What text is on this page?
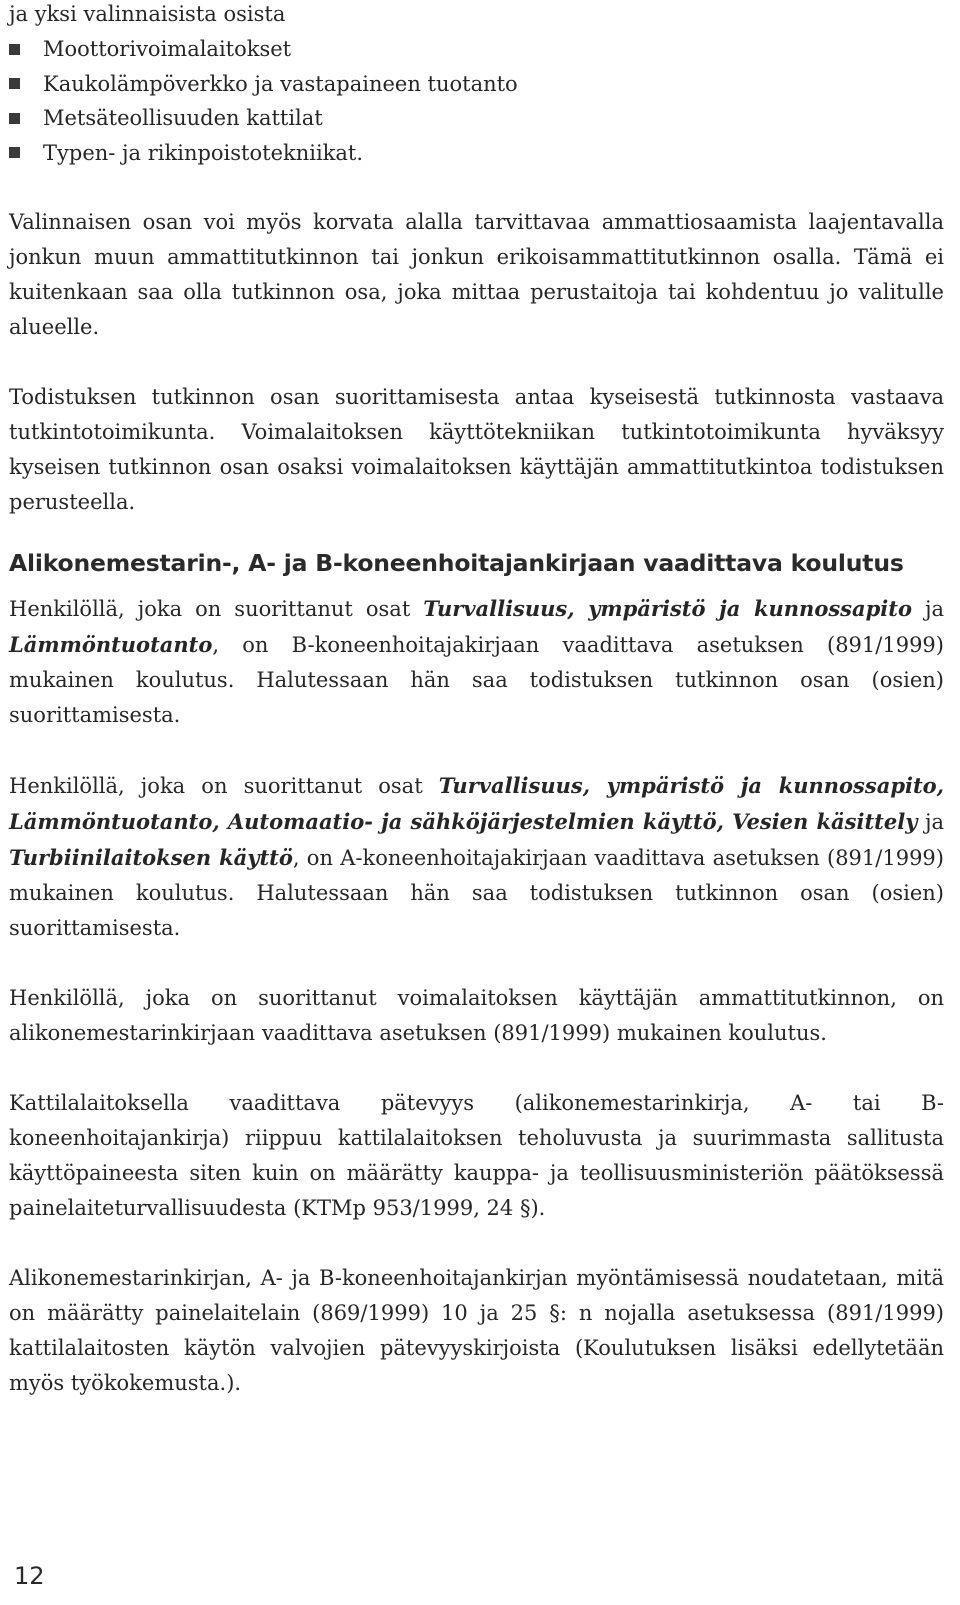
ja yksi valinnaisista osista

Moottorivoimalaitokset
Kaukolämpöverkko ja vastapaineen tuotanto
Metsäteollisuuden kattilat
Typen- ja rikinpoistotekniikat.

Valinnaisen osan voi myös korvata alalla tarvittavaa ammattiosaamista laajentavalla jonkun muun ammattitutkinnon tai jonkun erikoisammattitutkinnon osalla. Tämä ei kuitenkaan saa olla tutkinnon osa, joka mittaa perustaitoja tai kohdentuu jo valitulle alueelle.

Todistuksen tutkinnon osan suorittamisesta antaa kyseisestä tutkinnosta vastaava tutkintotoimikunta. Voimalaitoksen käyttötekniikan tutkintotoimikunta hyväksyy kyseisen tutkinnon osan osaksi voimalaitoksen käyttäjän ammattitutkintoa todistuksen perusteella.

Alikonemestarin-, A- ja B-koneenhoitajankirjaan vaadittava koulutus

Henkilöllä, joka on suorittanut osat Turvallisuus, ympäristö ja kunnossapito ja Lämmöntuotanto, on B-koneenhoitajakirjaan vaadittava asetuksen (891/1999) mukainen koulutus. Halutessaan hän saa todistuksen tutkinnon osan (osien) suorittamisesta.

Henkilöllä, joka on suorittanut osat Turvallisuus, ympäristö ja kunnossapito, Lämmöntuotanto, Automaatio- ja sähköjärjestelmien käyttö, Vesien käsittely ja Turbiinilaitoksen käyttö, on A-koneenhoitajakirjaan vaadittava asetuksen (891/1999) mukainen koulutus. Halutessaan hän saa todistuksen tutkinnon osan (osien) suorittamisesta.

Henkilöllä, joka on suorittanut voimalaitoksen käyttäjän ammattitutkinnon, on alikonemestarinkirjaan vaadittava asetuksen (891/1999) mukainen koulutus.

Kattilalaitoksella vaadittava pätevyys (alikonemestarinkirja, A- tai B-koneenhoitajankirja) riippuu kattilalaitoksen teholuvusta ja suurimmasta sallitusta käyttöpaineesta siten kuin on määrätty kauppa- ja teollisuusministeriön päätöksessä painelaiteturvallisuudesta (KTMp 953/1999, 24 §).

Alikonemestarinkirjan, A- ja B-koneenhoitajankirjan myöntämisessä noudatetaan, mitä on määrätty painelaitelain (869/1999) 10 ja 25 §: n nojalla asetuksessa (891/1999) kattilalaitosten käytön valvojien pätevyyskirjoista (Koulutuksen lisäksi edellytetään myös työkokemusta.).

12
